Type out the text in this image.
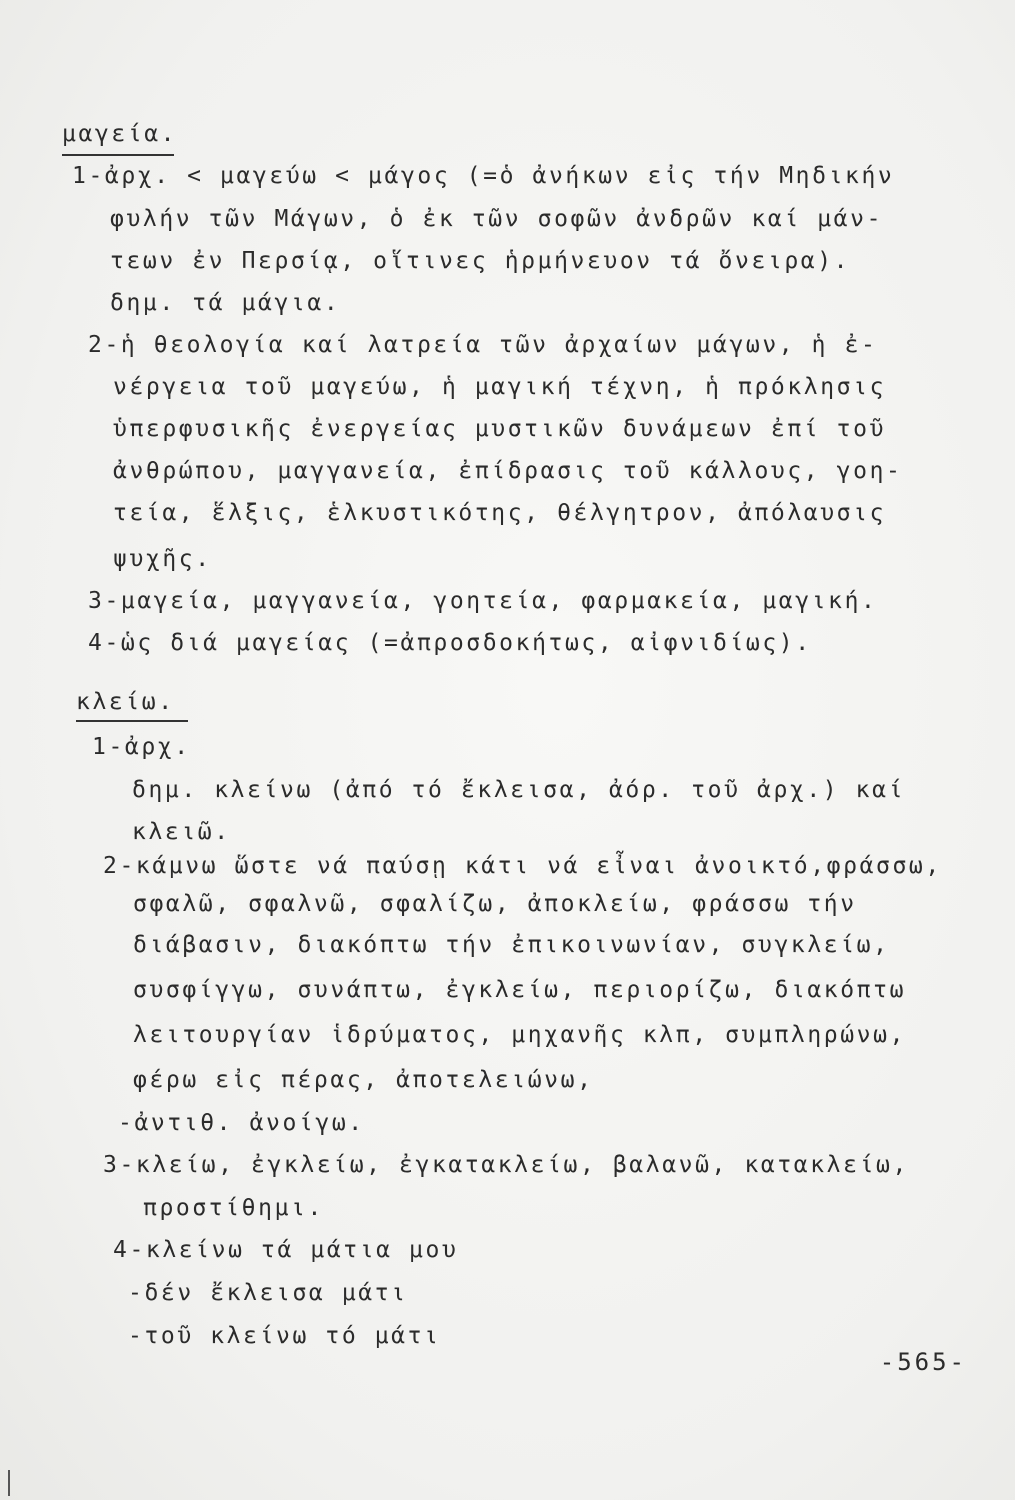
μαγεία.
1-ἀρχ. < μαγεύω < μάγος (=ὁ ἀνήκων εἰς τήν Μηδικήν
φυλήν τῶν Μάγων, ὁ ἐκ τῶν σοφῶν ἀνδρῶν καί μάν-
τεων ἐν Περσίᾳ, οἵτινες ἡρμήνευον τά ὄνειρα).
δημ. τά μάγια.
2-ἡ θεολογία καί λατρεία τῶν ἀρχαίων μάγων, ἡ ἐ-
νέργεια τοῦ μαγεύω, ἡ μαγική τέχνη, ἡ πρόκλησις
ὑπερφυσικῆς ἐνεργείας μυστικῶν δυνάμεων ἐπί τοῦ
ἀνθρώπου, μαγγανεία, ἐπίδρασις τοῦ κάλλους, γοη-
τεία, ἕλξις, ἑλκυστικότης, θέλγητρον, ἀπόλαυσις
ψυχῆς.
3-μαγεία, μαγγανεία, γοητεία, φαρμακεία, μαγική.
4-ὡς διά μαγείας (=ἀπροσδοκήτως, αἰφνιδίως).
κλείω.
1-ἀρχ.
δημ. κλείνω (ἀπό τό ἔκλεισα, ἀόρ. τοῦ ἀρχ.) καί
κλειῶ.
2-κάμνω ὥστε νά παύσῃ κάτι νά εἶναι ἀνοικτό,φράσσω,
σφαλῶ, σφαλνῶ, σφαλίζω, ἀποκλείω, φράσσω τήν
διάβασιν, διακόπτω τήν ἐπικοινωνίαν, συγκλείω,
συσφίγγω, συνάπτω, ἐγκλείω, περιορίζω, διακόπτω
λειτουργίαν ἱδρύματος, μηχανῆς κλπ, συμπληρώνω,
φέρω εἰς πέρας, ἀποτελειώνω,
-ἀντιθ. ἀνοίγω.
3-κλείω, ἐγκλείω, ἐγκατακλείω, βαλανῶ, κατακλείω,
προστίθημι.
4-κλείνω τά μάτια μου
-δέν ἔκλεισα μάτι
-τοῦ κλείνω τό μάτι
-565-
